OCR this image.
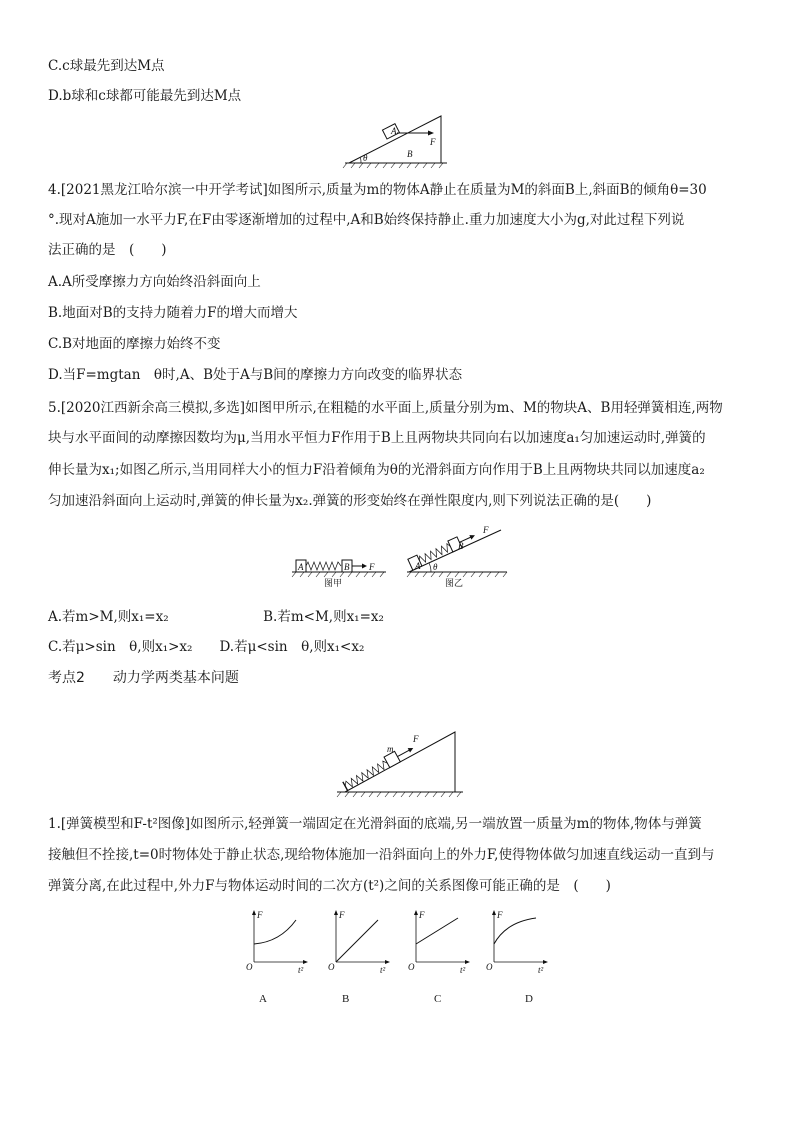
C.c球最先到达M点
D.b球和c球都可能最先到达M点
A
B
F
θ
4.[2021黑龙江哈尔滨一中开学考试]如图所示,质量为m的物体A静止在质量为M的斜面B上,斜面B的倾角θ=30
°.现对A施加一水平力F,在F由零逐渐增加的过程中,A和B始终保持静止.重力加速度大小为g,对此过程下列说
法正确的是　(　　)
A.A所受摩擦力方向始终沿斜面向上
B.地面对B的支持力随着力F的增大而增大
C.B对地面的摩擦力始终不变
D.当F=mgtan　θ时,A、B处于A与B间的摩擦力方向改变的临界状态
5.[2020江西新余高三模拟,多选]如图甲所示,在粗糙的水平面上,质量分别为m、M的物块A、B用轻弹簧相连,两物
块与水平面间的动摩擦因数均为μ,当用水平恒力F作用于B上且两物块共同向右以加速度a₁匀加速运动时,弹簧的
伸长量为x₁;如图乙所示,当用同样大小的恒力F沿着倾角为θ的光滑斜面方向作用于B上且两物块共同以加速度a₂
匀加速沿斜面向上运动时,弹簧的伸长量为x₂.弹簧的形变始终在弹性限度内,则下列说法正确的是(　　)
A	B F
图甲
A
B
F
θ
图乙
A.若m>M,则x₁=x₂　　　　　　　B.若m<M,则x₁=x₂
C.若μ>sin　θ,则x₁>x₂　　D.若μ<sin　θ,则x₁<x₂
考点2　　动力学两类基本问题
m
F
1.[弹簧模型和F-t²图像]如图所示,轻弹簧一端固定在光滑斜面的底端,另一端放置一质量为m的物体,物体与弹簧
接触但不拴接,t=0时物体处于静止状态,现给物体施加一沿斜面向上的外力F,使得物体做匀加速直线运动一直到与
弹簧分离,在此过程中,外力F与物体运动时间的二次方(t²)之间的关系图像可能正确的是　(　　)
F
t²
O
F
t²
O
F
t²
O
F
t²
O
A	B	C	D
